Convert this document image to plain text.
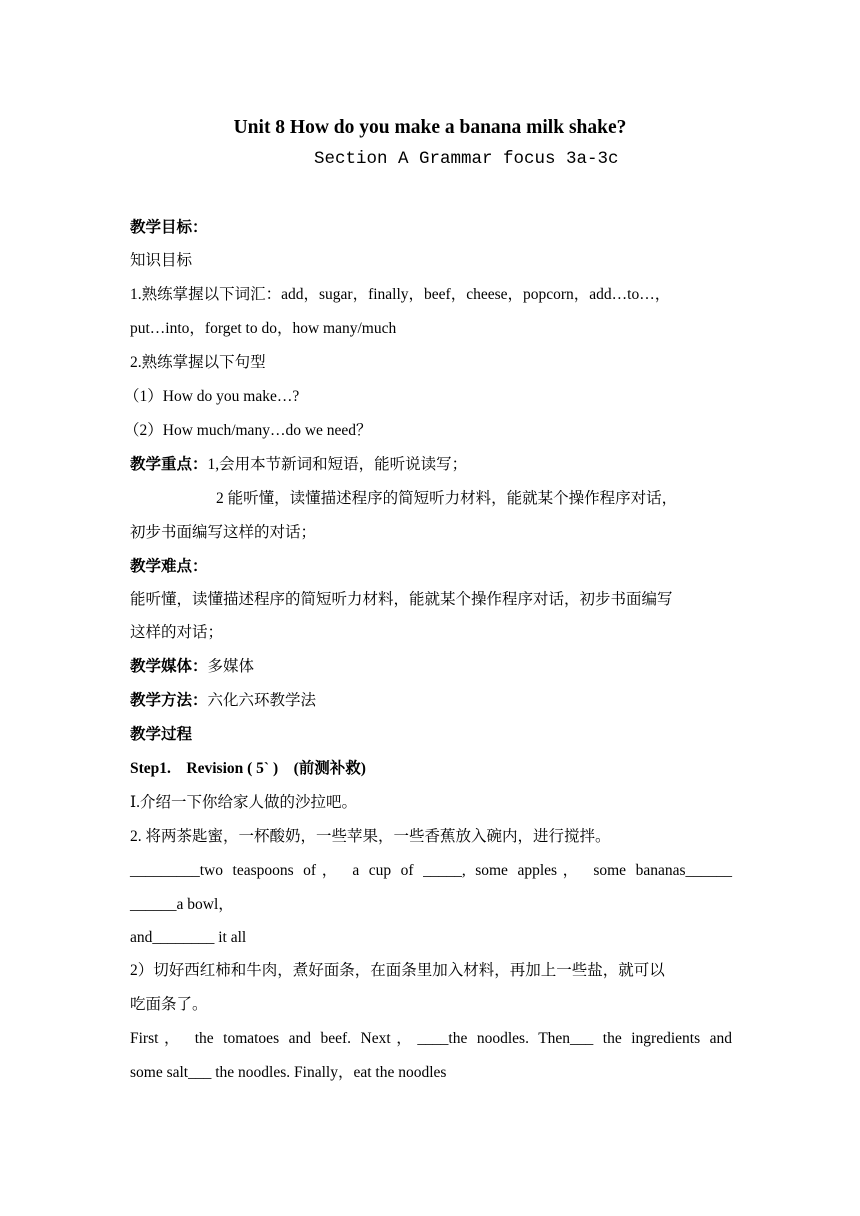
Unit 8 How do you make a banana milk shake?
Section A Grammar focus 3a-3c
教学目标：
知识目标
1.熟练掌握以下词汇：add，sugar，finally，beef，cheese，popcorn，add…to…，
put…into，forget to do，how many/much
2.熟练掌握以下句型
（1）How do you make…?
（2）How much/many…do we need？
教学重点：1,会用本节新词和短语，能听说读写；
2 能听懂，读懂描述程序的简短听力材料，能就某个操作程序对话，
初步书面编写这样的对话；
教学难点：
能听懂，读懂描述程序的简短听力材料，能就某个操作程序对话，初步书面编写
这样的对话；
教学媒体：多媒体
教学方法：六化六环教学法
教学过程
Step1.    Revision ( 5` )    (前测补救)
Ⅰ.介绍一下你给家人做的沙拉吧。
2. 将两茶匙蜜，一杯酸奶，一些苹果，一些香蕉放入碗内，进行搅拌。
_________two teaspoons of， a cup of _____, some apples， some bananas______
______a bowl，
and________ it all
2）切好西红柿和牛肉，煮好面条，在面条里加入材料，再加上一些盐，就可以
吃面条了。
First， the tomatoes and beef. Next，____the noodles. Then___ the ingredients and
some salt___ the noodles. Finally，eat the noodles
